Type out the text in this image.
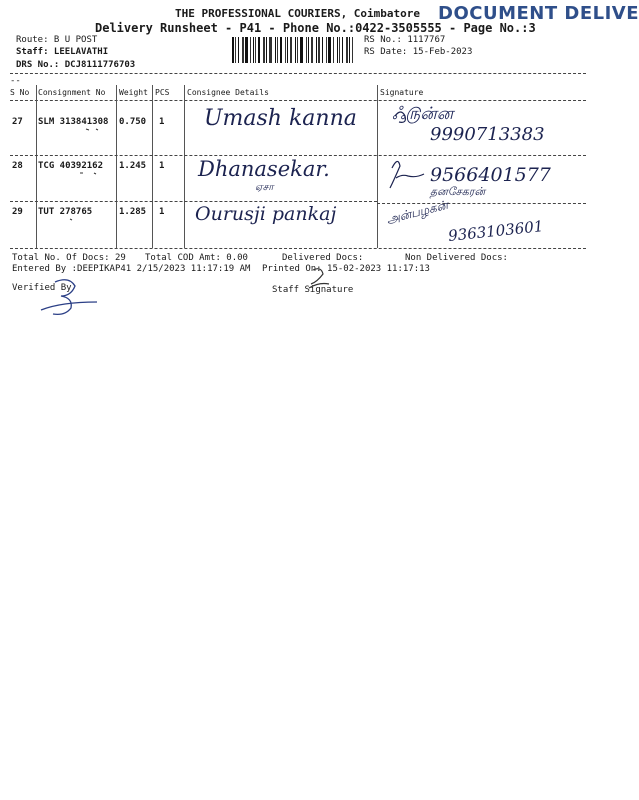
THE PROFESSIONAL COURIERS, Coimbatore
Delivery Runsheet - P41 - Phone No.:0422-3505555 - Page No.:3
DOCUMENT DELIVE
Route: B U POST
Staff: LEELAVATHI
DRS No.: DCJ8111776703
RS No.: 1117767
RS Date: 15-Feb-2023
--
S No Consignment No Weight PCS Consignee Details	Signature
27 SLM 313841308 0.750 1 Umash kanna ஃ௫ன்ன
9990713383
28 TCG 40392162 1.245 1 Dhanasekar.
ஏசா
9566401577
தனசேகரன்
29 TUT 278765	1.285 1 Ourusji pankaj	அன்பழகன்
9363103601
Total No. Of Docs: 29 Total COD Amt: 0.00	Delivered Docs:	Non Delivered Docs:
Entered By :DEEPIKAP41 2/15/2023 11:17:19 AM Printed On: 15-02-2023 11:17:13
Verified By	Staff Signature
